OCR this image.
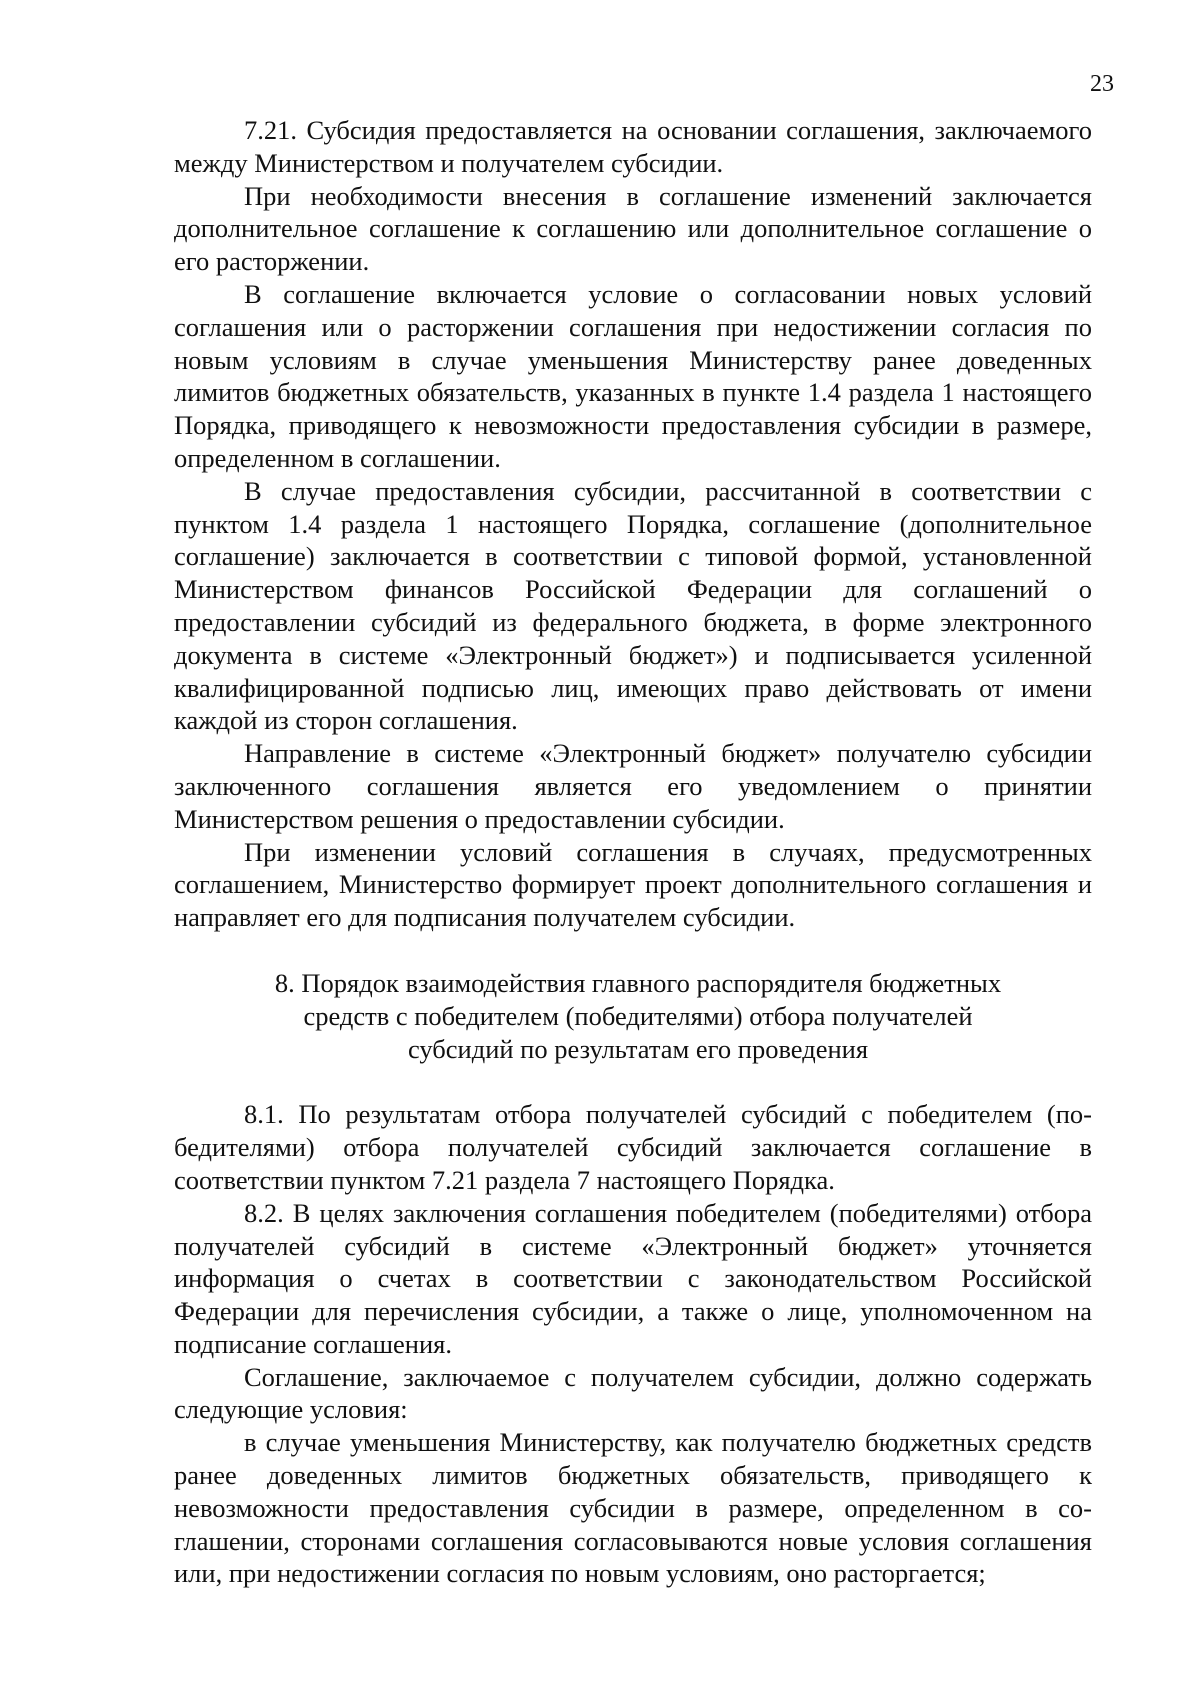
23

7.21. Субсидия предоставляется на основании соглашения, заключаемого между Министерством и получателем субсидии.

При необходимости внесения в соглашение изменений заключается дополнительное соглашение к соглашению или дополнительное соглашение о его расторжении.

В соглашение включается условие о согласовании новых условий соглашения или о расторжении соглашения при недостижении согласия по новым условиям в случае уменьшения Министерству ранее доведенных лимитов бюджетных обязательств, указанных в пункте 1.4 раздела 1 настоящего Порядка, приводящего к невозможности предоставления субсидии в размере, определенном в соглашении.

В случае предоставления субсидии, рассчитанной в соответствии с пунктом 1.4 раздела 1 настоящего Порядка, соглашение (дополнительное соглашение) заключается в соответствии с типовой формой, установленной Министерством финансов Российской Федерации для соглашений о предоставлении субсидий из федерального бюджета, в форме электронного документа в системе «Электронный бюджет») и подписывается усиленной квалифицированной подписью лиц, имеющих право действовать от имени каждой из сторон соглашения.

Направление в системе «Электронный бюджет» получателю субсидии заключенного соглашения является его уведомлением о принятии Министерством решения о предоставлении субсидии.

При изменении условий соглашения в случаях, предусмотренных соглашением, Министерство формирует проект дополнительного соглашения и направляет его для подписания получателем субсидии.

8. Порядок взаимодействия главного распорядителя бюджетных
средств с победителем (победителями) отбора получателей
субсидий по результатам его проведения

8.1. По результатам отбора получателей субсидий с победителем (победителями) отбора получателей субсидий заключается соглашение в соответствии пунктом 7.21 раздела 7 настоящего Порядка.

8.2. В целях заключения соглашения победителем (победителями) отбора получателей субсидий в системе «Электронный бюджет» уточняется информация о счетах в соответствии с законодательством Российской Федерации для перечисления субсидии, а также о лице, уполномоченном на подписание соглашения.

Соглашение, заключаемое с получателем субсидии, должно содержать следующие условия:

в случае уменьшения Министерству, как получателю бюджетных средств ранее доведенных лимитов бюджетных обязательств, приводящего к невозможности предоставления субсидии в размере, определенном в соглашении, сторонами соглашения согласовываются новые условия соглашения или, при недостижении согласия по новым условиям, оно расторгается;
